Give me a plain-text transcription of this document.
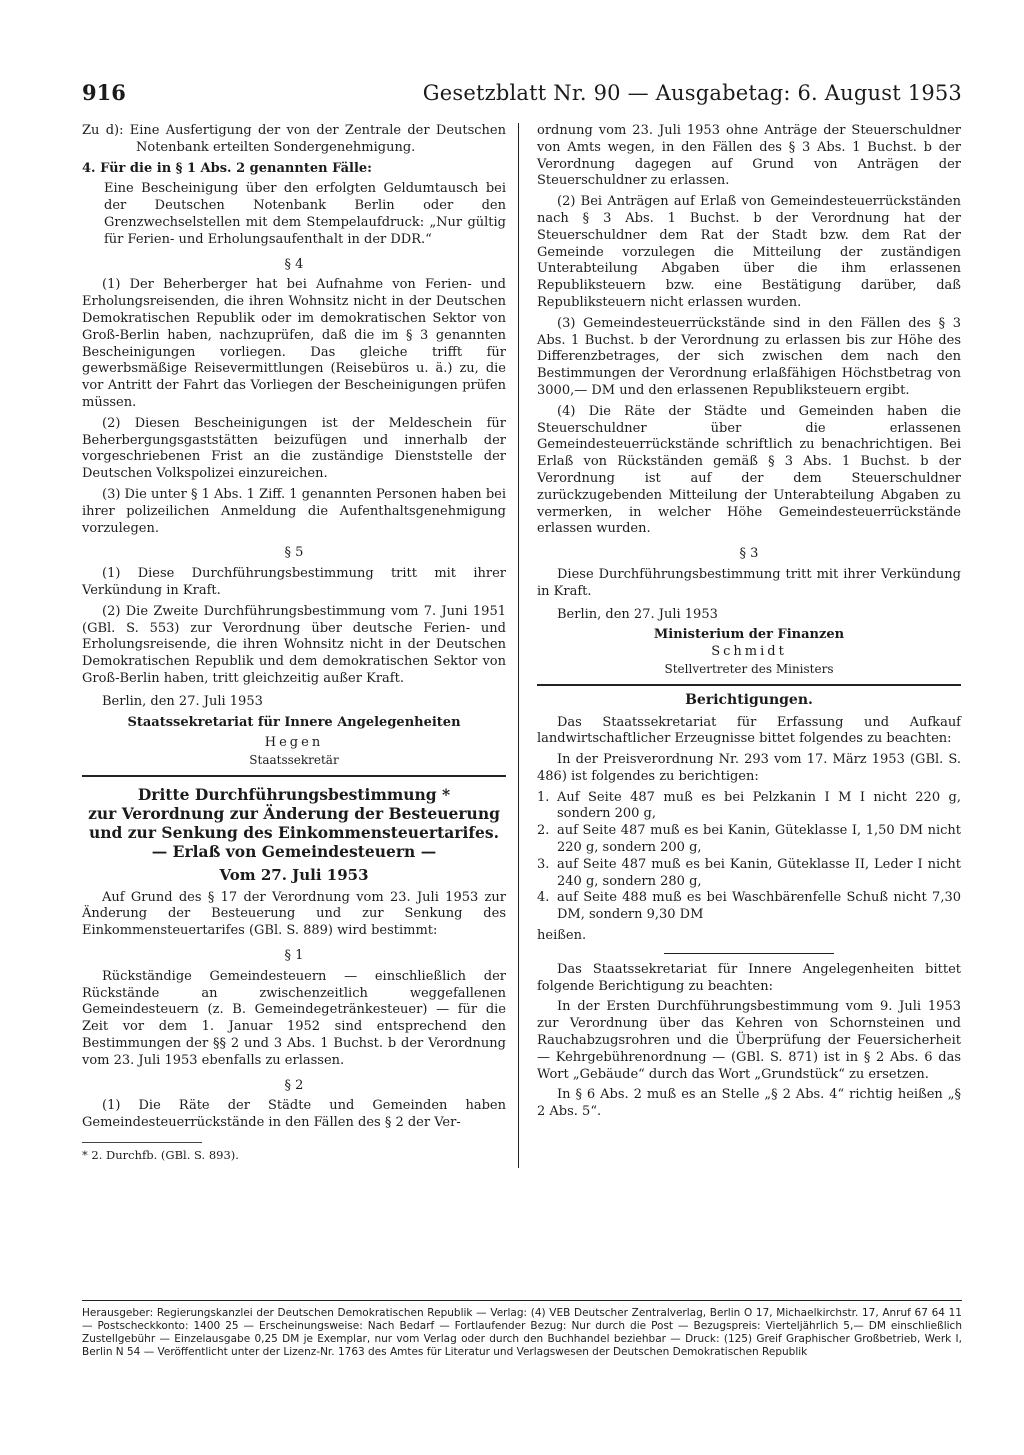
916	Gesetzblatt Nr. 90 — Ausgabetag: 6. August 1953

Zu d): Eine Ausfertigung der von der Zentrale der Deutschen Notenbank erteilten Sondergenehmigung.

4. Für die in § 1 Abs. 2 genannten Fälle:

Eine Bescheinigung über den erfolgten Geldumtausch bei der Deutschen Notenbank Berlin oder den Grenzwechselstellen mit dem Stempelaufdruck: „Nur gültig für Ferien- und Erholungsaufenthalt in der DDR.“

§ 4

(1) Der Beherberger hat bei Aufnahme von Ferien- und Erholungsreisenden, die ihren Wohnsitz nicht in der Deutschen Demokratischen Republik oder im demokratischen Sektor von Groß-Berlin haben, nachzuprüfen, daß die im § 3 genannten Bescheinigungen vorliegen. Das gleiche trifft für gewerbsmäßige Reisevermittlungen (Reisebüros u. ä.) zu, die vor Antritt der Fahrt das Vorliegen der Bescheinigungen prüfen müssen.

(2) Diesen Bescheinigungen ist der Meldeschein für Beherbergungsgaststätten beizufügen und innerhalb der vorgeschriebenen Frist an die zuständige Dienststelle der Deutschen Volkspolizei einzureichen.

(3) Die unter § 1 Abs. 1 Ziff. 1 genannten Personen haben bei ihrer polizeilichen Anmeldung die Aufenthaltsgenehmigung vorzulegen.

§ 5

(1) Diese Durchführungsbestimmung tritt mit ihrer Verkündung in Kraft.

(2) Die Zweite Durchführungsbestimmung vom 7. Juni 1951 (GBl. S. 553) zur Verordnung über deutsche Ferien- und Erholungsreisende, die ihren Wohnsitz nicht in der Deutschen Demokratischen Republik und dem demokratischen Sektor von Groß-Berlin haben, tritt gleichzeitig außer Kraft.

Berlin, den 27. Juli 1953

Staatssekretariat für Innere Angelegenheiten

Hegen

Staatssekretär

Dritte Durchführungsbestimmung *
zur Verordnung zur Änderung der Besteuerung und zur Senkung des Einkommensteuertarifes.
— Erlaß von Gemeindesteuern —

Vom 27. Juli 1953

Auf Grund des § 17 der Verordnung vom 23. Juli 1953 zur Änderung der Besteuerung und zur Senkung des Einkommensteuertarifes (GBl. S. 889) wird bestimmt:

§ 1

Rückständige Gemeindesteuern — einschließlich der Rückstände an zwischenzeitlich weggefallenen Gemeindesteuern (z. B. Gemeindegetränkesteuer) — für die Zeit vor dem 1. Januar 1952 sind entsprechend den Bestimmungen der §§ 2 und 3 Abs. 1 Buchst. b der Verordnung vom 23. Juli 1953 ebenfalls zu erlassen.

§ 2

(1) Die Räte der Städte und Gemeinden haben Gemeindesteuerrückstände in den Fällen des § 2 der Ver-

* 2. Durchfb. (GBl. S. 893).

ordnung vom 23. Juli 1953 ohne Anträge der Steuerschuldner von Amts wegen, in den Fällen des § 3 Abs. 1 Buchst. b der Verordnung dagegen auf Grund von Anträgen der Steuerschuldner zu erlassen.

(2) Bei Anträgen auf Erlaß von Gemeindesteuerrückständen nach § 3 Abs. 1 Buchst. b der Verordnung hat der Steuerschuldner dem Rat der Stadt bzw. dem Rat der Gemeinde vorzulegen die Mitteilung der zuständigen Unterabteilung Abgaben über die ihm erlassenen Republiksteuern bzw. eine Bestätigung darüber, daß Republiksteuern nicht erlassen wurden.

(3) Gemeindesteuerrückstände sind in den Fällen des § 3 Abs. 1 Buchst. b der Verordnung zu erlassen bis zur Höhe des Differenzbetrages, der sich zwischen dem nach den Bestimmungen der Verordnung erlaßfähigen Höchstbetrag von 3000,— DM und den erlassenen Republiksteuern ergibt.

(4) Die Räte der Städte und Gemeinden haben die Steuerschuldner über die erlassenen Gemeindesteuerrückstände schriftlich zu benachrichtigen. Bei Erlaß von Rückständen gemäß § 3 Abs. 1 Buchst. b der Verordnung ist auf der dem Steuerschuldner zurückzugebenden Mitteilung der Unterabteilung Abgaben zu vermerken, in welcher Höhe Gemeindesteuerrückstände erlassen wurden.

§ 3

Diese Durchführungsbestimmung tritt mit ihrer Verkündung in Kraft.

Berlin, den 27. Juli 1953

Ministerium der Finanzen

Schmidt

Stellvertreter des Ministers

Berichtigungen.

Das Staatssekretariat für Erfassung und Aufkauf landwirtschaftlicher Erzeugnisse bittet folgendes zu beachten:

In der Preisverordnung Nr. 293 vom 17. März 1953 (GBl. S. 486) ist folgendes zu berichtigen:

1. Auf Seite 487 muß es bei Pelzkanin I M I nicht 220 g, sondern 200 g,
2. auf Seite 487 muß es bei Kanin, Güteklasse I, 1,50 DM nicht 220 g, sondern 200 g,
3. auf Seite 487 muß es bei Kanin, Güteklasse II, Leder I nicht 240 g, sondern 280 g,
4. auf Seite 488 muß es bei Waschbärenfelle Schuß nicht 7,30 DM, sondern 9,30 DM

heißen.

Das Staatssekretariat für Innere Angelegenheiten bittet folgende Berichtigung zu beachten:

In der Ersten Durchführungsbestimmung vom 9. Juli 1953 zur Verordnung über das Kehren von Schornsteinen und Rauchabzugsrohren und die Überprüfung der Feuersicherheit — Kehrgebührenordnung — (GBl. S. 871) ist in § 2 Abs. 6 das Wort „Gebäude“ durch das Wort „Grundstück“ zu ersetzen.

In § 6 Abs. 2 muß es an Stelle „§ 2 Abs. 4“ richtig heißen „§ 2 Abs. 5“.

Herausgeber: Regierungskanzlei der Deutschen Demokratischen Republik — Verlag: (4) VEB Deutscher Zentralverlag, Berlin O 17, Michaelkirchstr. 17, Anruf 67 64 11 — Postscheckkonto: 1400 25 — Erscheinungsweise: Nach Bedarf — Fortlaufender Bezug: Nur durch die Post — Bezugspreis: Vierteljährlich 5,— DM einschließlich Zustellgebühr — Einzelausgabe 0,25 DM je Exemplar, nur vom Verlag oder durch den Buchhandel beziehbar — Druck: (125) Greif Graphischer Großbetrieb, Werk I, Berlin N 54 — Veröffentlicht unter der Lizenz-Nr. 1763 des Amtes für Literatur und Verlagswesen der Deutschen Demokratischen Republik
